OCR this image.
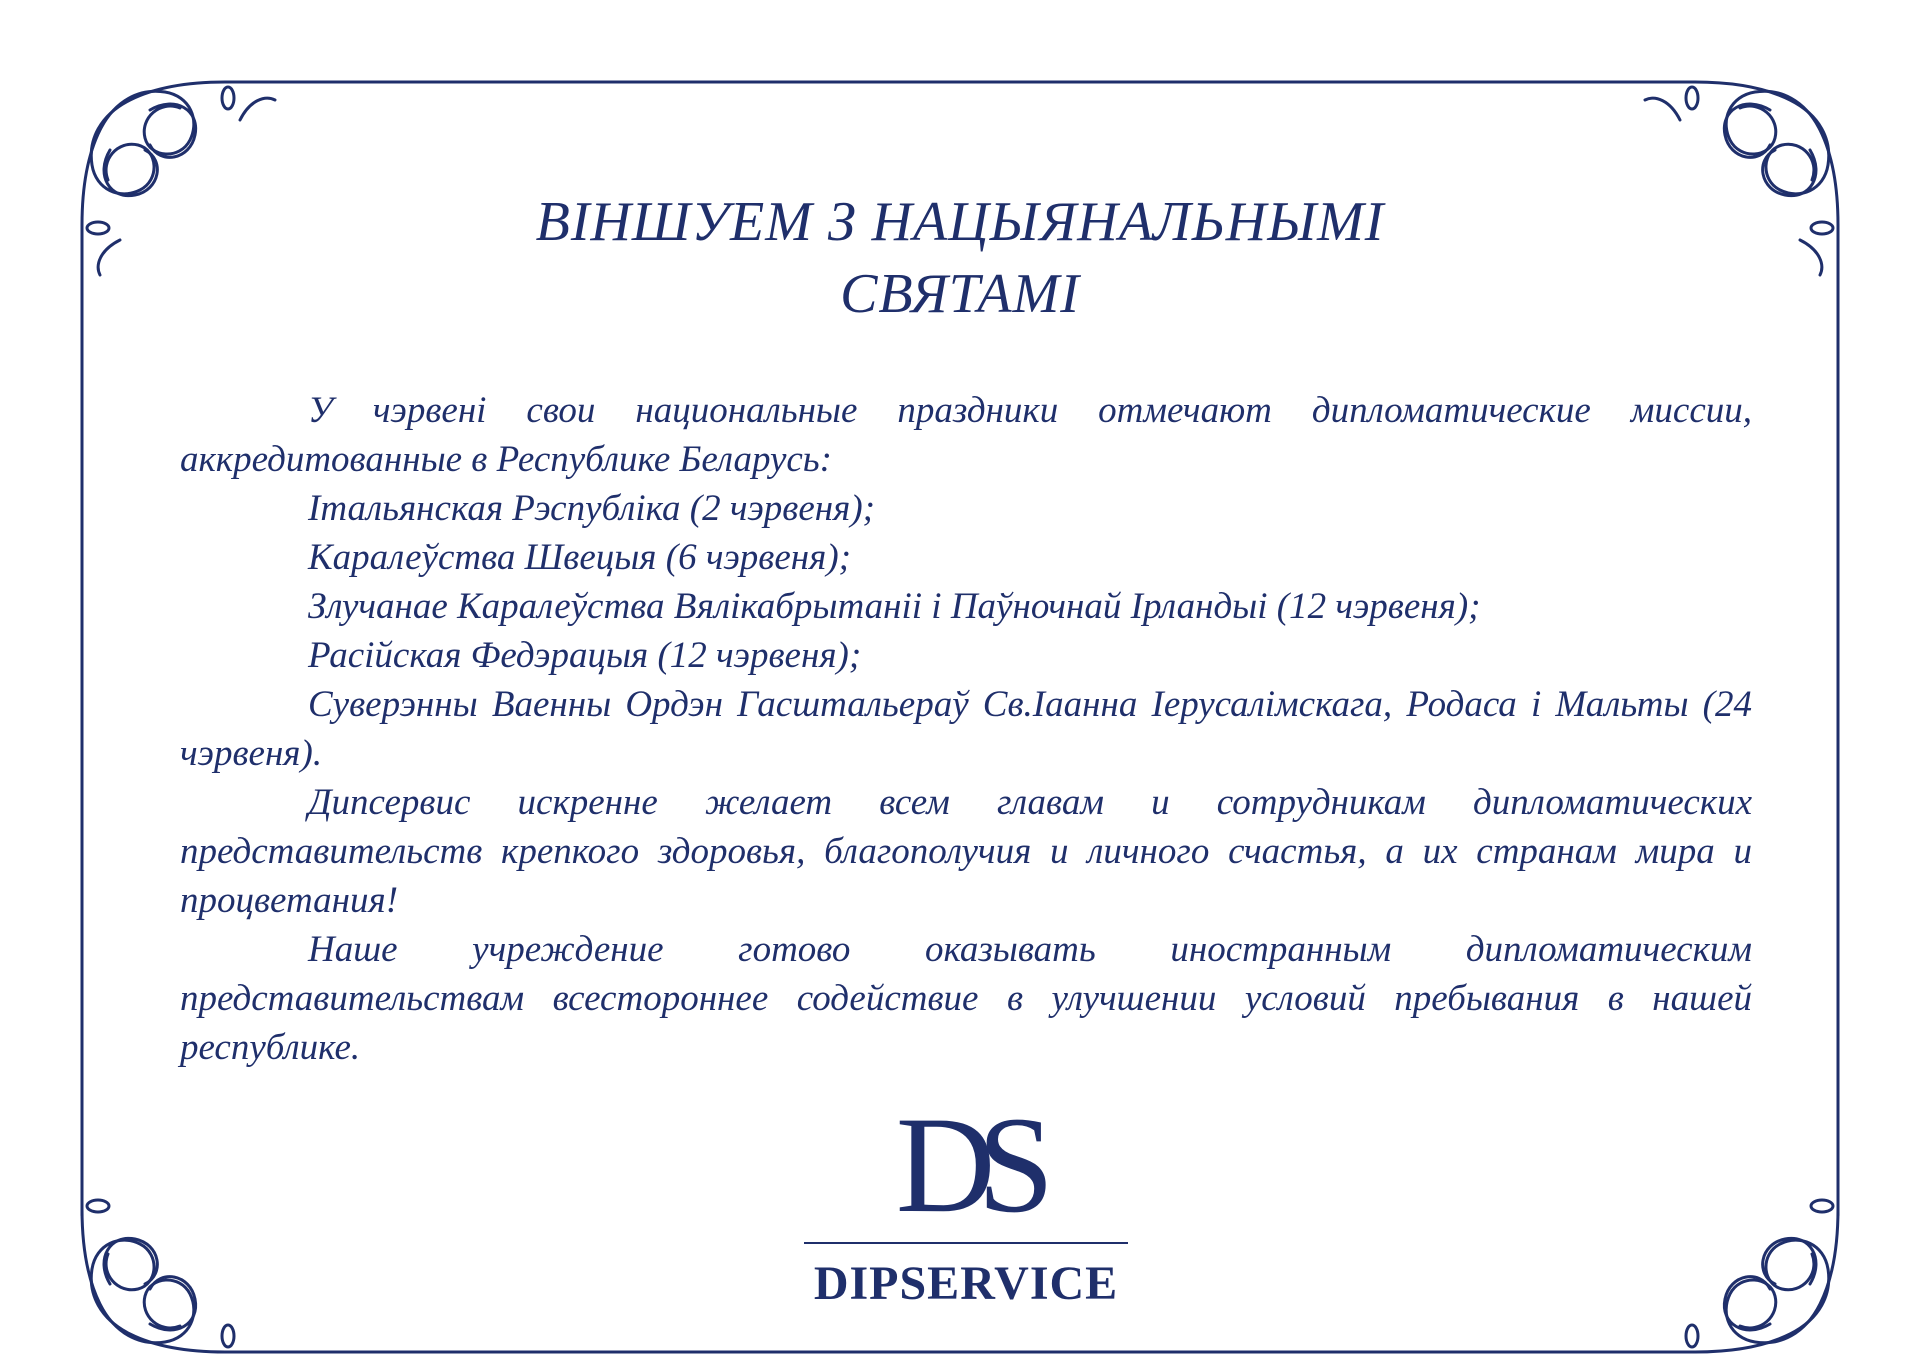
ВІНШУЕМ З НАЦЫЯНАЛЬНЫМІ
СВЯТАМІ

У чэрвені свои национальные праздники отмечают дипломатические миссии, аккредитованные в Республике Беларусь:

Італьянская Рэспубліка (2 чэрвеня);

Каралеўства Швецыя (6 чэрвеня);

Злучанае Каралеўства Вялікабрытаніі і Паўночнай Ірландыі (12 чэрвеня);

Расійская Федэрацыя (12 чэрвеня);

Суверэнны Ваенны Ордэн Гасштальераў Св.Іаанна Іерусалімскага, Родаса і Мальты (24 чэрвеня).

Дипсервис искренне желает всем главам и сотрудникам дипломатических представительств крепкого здоровья, благополучия и личного счастья, а их странам мира и процветания!

Наше учреждение готово оказывать иностранным дипломатическим представительствам всестороннее содействие в улучшении условий пребывания в нашей республике.

DS
DIPSERVICE
